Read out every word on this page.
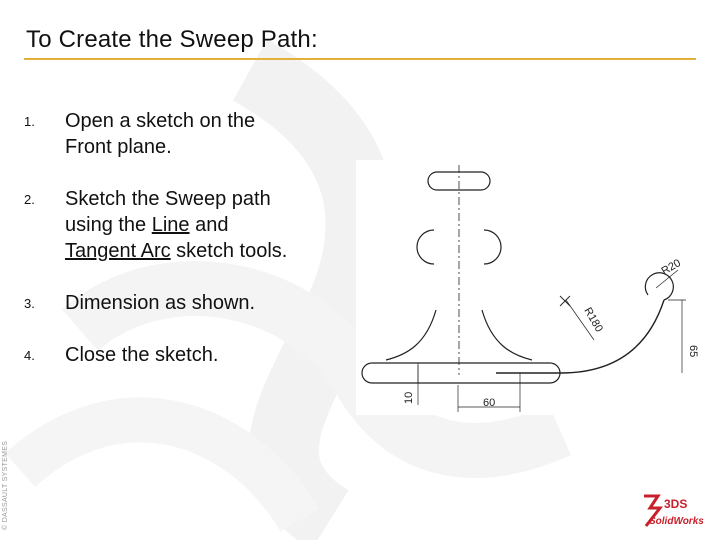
To Create the Sweep Path:
1. Open a sketch on the
Front plane.

2. Sketch the Sweep path
using the Line and
Tangent Arc sketch tools.

3. Dimension as shown.

4. Close the sketch.

10	60
R20
R180
65
© DASSAULT SYSTEMES	3DS
SolidWorks
